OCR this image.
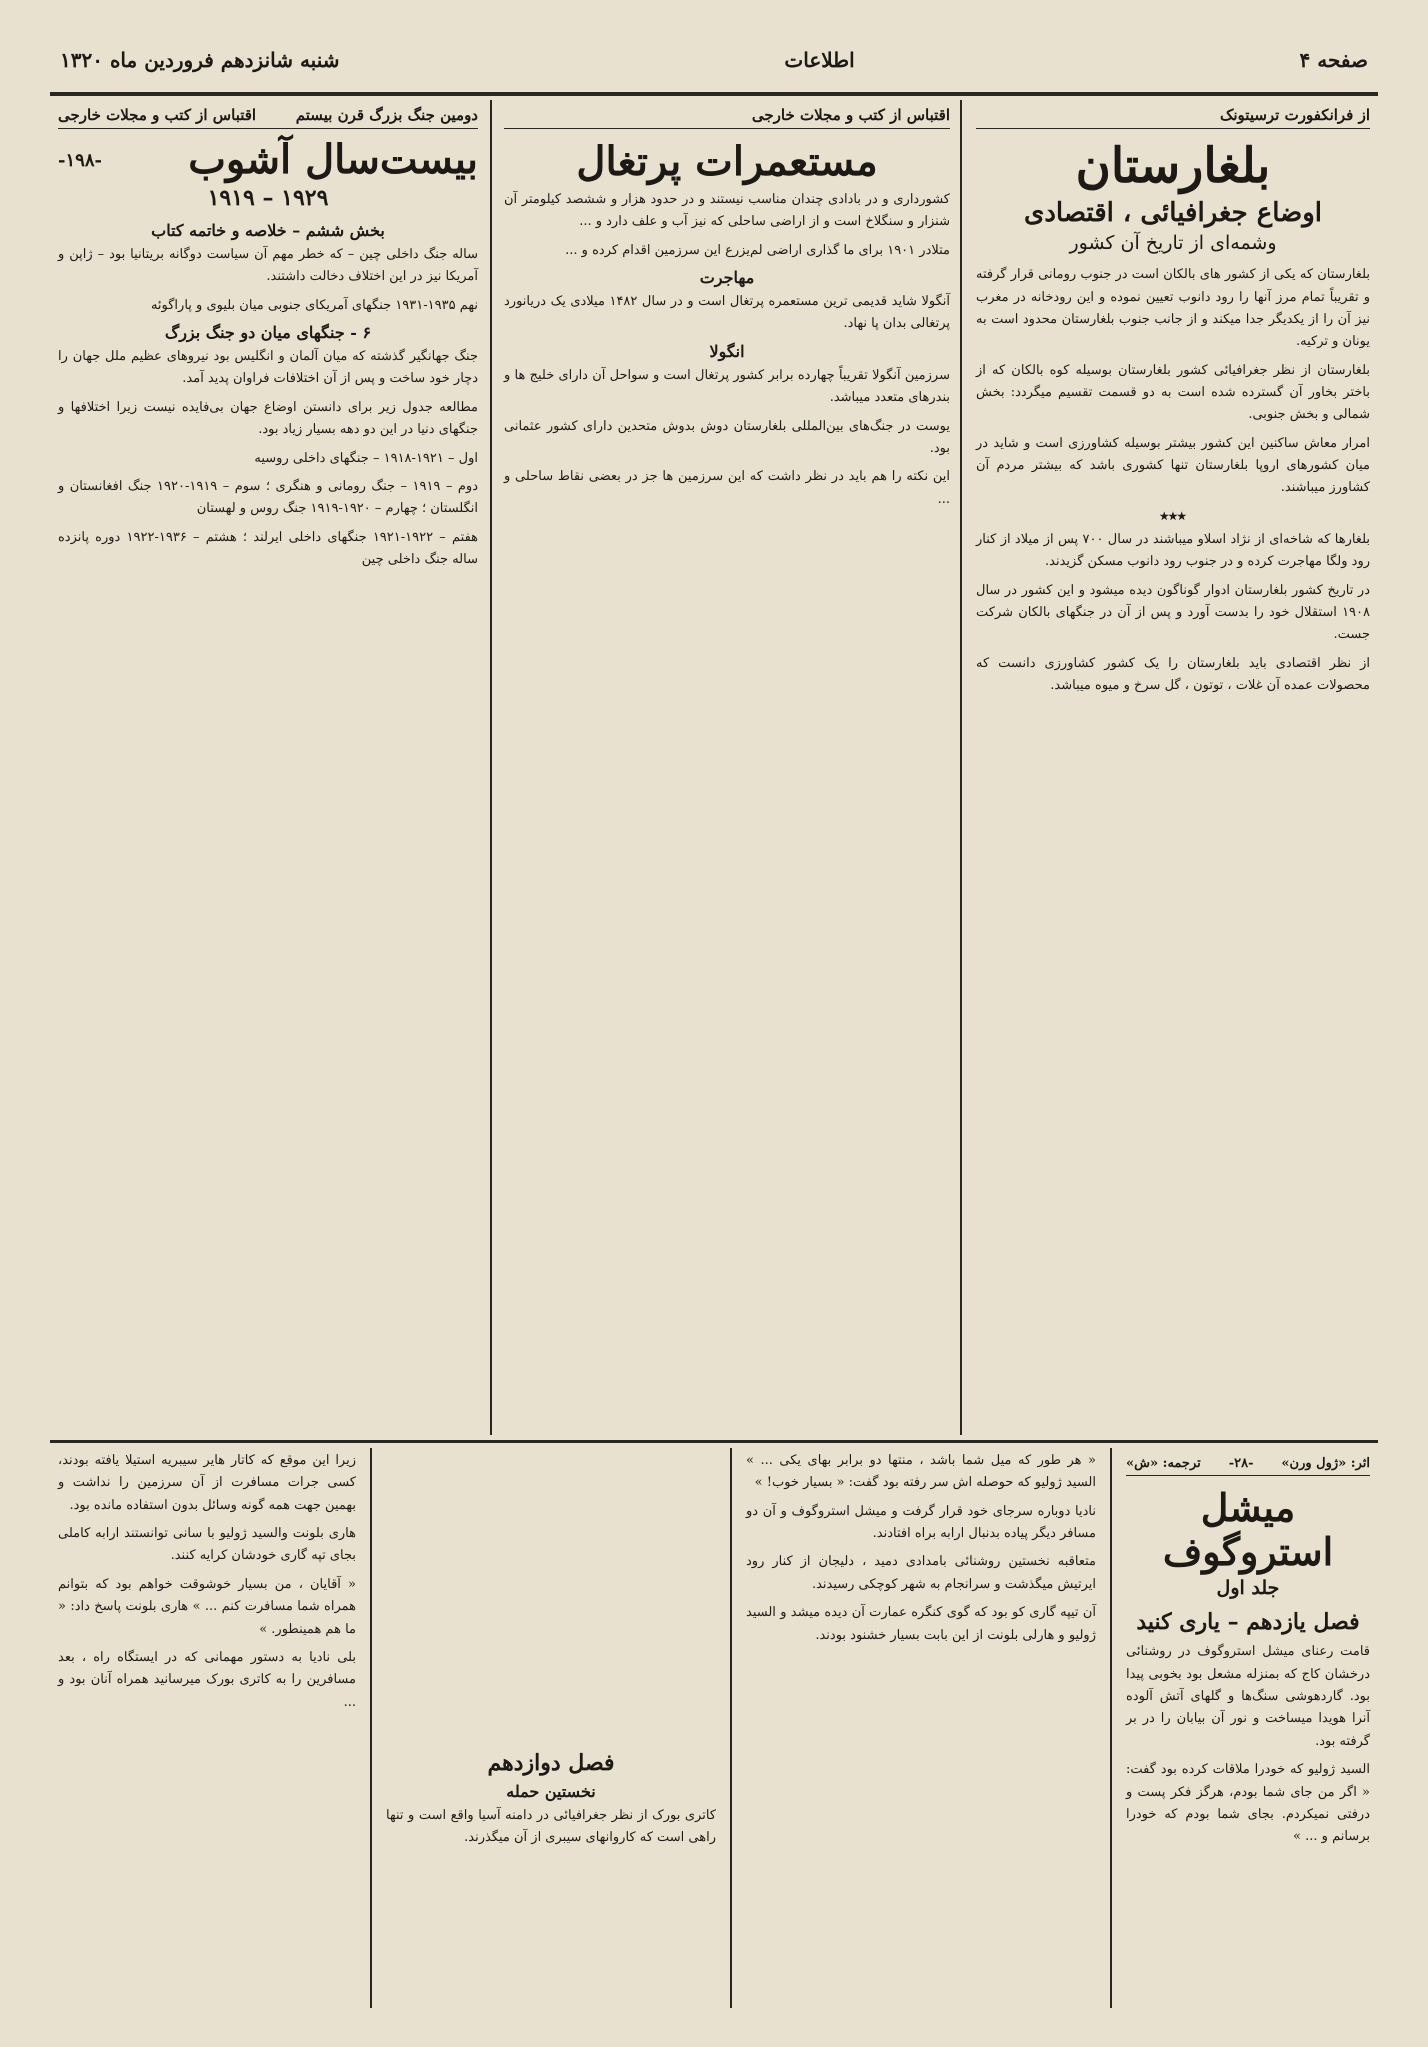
صفحه ۴
اطلاعات
شنبه شانزدهم فروردین ماه ۱۳۲۰
از فرانکفورت ترسیتونک
بلغارستان
اوضاع جغرافیائی ، اقتصادی
وشمه‌ای از تاریخ آن کشور

بلغارستان که یکی از کشور های بالکان است در جنوب رومانی قرار گرفته و تقریباً تمام مرز آنها را رود دانوب تعیین نموده و این رودخانه در مغرب نیز آن را از یکدیگر جدا میکند و از جانب جنوب بلغارستان محدود است به یونان و ترکیه.

بلغارستان از نظر جغرافیائی کشور بلغارستان بوسیله کوه بالکان که از باختر بخاور آن گسترده شده است به دو قسمت تقسیم میگردد: بخش شمالی و بخش جنوبی.

امرار معاش ساکنین این کشور بیشتر بوسیله کشاورزی است و شاید در میان کشورهای اروپا بلغارستان تنها کشوری باشد که بیشتر مردم آن کشاورز میباشند.

٭٭٭

بلغارها که شاخه‌ای از نژاد اسلاو میباشند در سال ۷۰۰ پس از میلاد از کنار رود ولگا مهاجرت کرده و در جنوب رود دانوب مسکن گزیدند.

در تاریخ کشور بلغارستان ادوار گوناگون دیده میشود و این کشور در سال ۱۹۰۸ استقلال خود را بدست آورد و پس از آن در جنگهای بالکان شرکت جست.

از نظر اقتصادی باید بلغارستان را یک کشور کشاورزی دانست که محصولات عمده آن غلات ، توتون ، گل سرخ و میوه میباشد.

اقتباس از کتب و مجلات خارجی
مستعمرات پرتغال

کشورداری و در بادادی چندان مناسب نیستند و در حدود هزار و ششصد کیلومتر آن شنزار و سنگلاخ است و از اراضی ساحلی که نیز آب و علف دارد و ...

متلادر ۱۹۰۱ برای ما گذاری اراضی لم‌یزرع این سرزمین اقدام کرده و ...

مهاجرت

آنگولا شاید قدیمی ترین مستعمره پرتغال است و در سال ۱۴۸۲ میلادی یک دریانورد پرتغالی بدان پا نهاد.

انگولا

سرزمین آنگولا تقریباً چهارده برابر کشور پرتغال است و سواحل آن دارای خلیج ها و بندرهای متعدد میباشد.

یوست در جنگ‌های بین‌المللی بلغارستان دوش بدوش متحدین دارای کشور عثمانی بود.

این نکته را هم باید در نظر داشت که این سرزمین ها جز در بعضی نقاط ساحلی و ...

دومین جنگ بزرگ قرن بیستم
اقتباس از کتب و مجلات خارجی
بیست‌سال آشوب
-۱۹۸-
۱۹۲۹ – ۱۹۱۹
بخش ششم – خلاصه و خاتمه کتاب

ساله جنگ داخلی چین – که خطر مهم آن سیاست دوگانه بریتانیا بود – ژاپن و آمریکا نیز در این اختلاف دخالت داشتند.

نهم ۱۹۳۵-۱۹۳۱ جنگهای آمریکای جنوبی میان بلیوی و پاراگوئه

۶ - جنگهای میان دو جنگ بزرگ

جنگ جهانگیر گذشته که میان آلمان و انگلیس بود نیروهای عظیم ملل جهان را دچار خود ساخت و پس از آن اختلافات فراوان پدید آمد.

مطالعه جدول زیر برای دانستن اوضاع جهان بی‌فایده نیست زیرا اختلافها و جنگهای دنیا در این دو دهه بسیار زیاد بود.

اول – ۱۹۲۱-۱۹۱۸ – جنگهای داخلی روسیه

دوم – ۱۹۱۹ – جنگ رومانی و هنگری ؛ سوم – ۱۹۱۹-۱۹۲۰ جنگ افغانستان و انگلستان ؛ چهارم – ۱۹۲۰-۱۹۱۹ جنگ روس و لهستان

هفتم – ۱۹۲۲-۱۹۲۱ جنگهای داخلی ایرلند ؛ هشتم – ۱۹۳۶-۱۹۲۲ دوره پانزده ساله جنگ داخلی چین

اثر: «ژول ورن»
-۲۸-
ترجمه: «ش»
میشل استروگوف
جلد اول
فصل یازدهم – یاری کنید

قامت رعنای میشل استروگوف در روشنائی درخشان کاج که بمنزله مشعل بود بخوبی پیدا بود. گاردهوشی سنگ‌ها و گلهای آتش آلوده آنرا هویدا میساخت و نور آن بیابان را در بر گرفته بود.

السید ژولیو که خودرا ملاقات کرده بود گفت: « اگر من جای شما بودم، هرگز فکر پست و درفتی نمیکردم. بجای شما بودم که خودرا برسانم و ... »

« هر طور که میل شما باشد ، منتها دو برابر بهای یکی ... » السید ژولیو که حوصله‌ اش سر رفته بود گفت: « بسیار خوب! »

نادیا دوباره سرجای خود قرار گرفت و میشل استروگوف و آن دو مسافر دیگر پیاده بدنبال ارابه براه افتادند.

متعاقبه نخستین روشنائی بامدادی دمید ، دلیجان از کنار رود ایرتیش میگذشت و سرانجام به شهر کوچکی رسیدند.

آن تیپه گاری کو بود که گوی کنگره عمارت آن دیده میشد و السید ژولیو و هارلی بلونت از این بابت بسیار خشنود بودند.

فصل دوازدهم
نخستین حمله

کاتری بورک از نظر جغرافیائی در دامنه آسیا واقع است و تنها راهی است که کاروانهای سیبری از آن میگذرند.

زیرا این موقع که کاتار هایر سیبریه استیلا یافته بودند، کسی جرات مسافرت از آن سرزمین را نداشت و بهمین جهت همه گونه وسائل بدون استفاده مانده بود.

هاری بلونت والسید ژولیو با سانی توانستند ارابه کاملی بجای تپه گاری خودشان کرایه کنند.

« آقایان ، من بسیار خوشوقت خواهم بود که بتوانم همراه شما مسافرت کنم ... » هاری بلونت پاسخ داد: « ما هم همینطور. »

بلی نادیا به دستور مهمانی که در ایستگاه راه ، بعد مسافرین را به کاتری بورک میرسانید همراه آنان بود و ...
